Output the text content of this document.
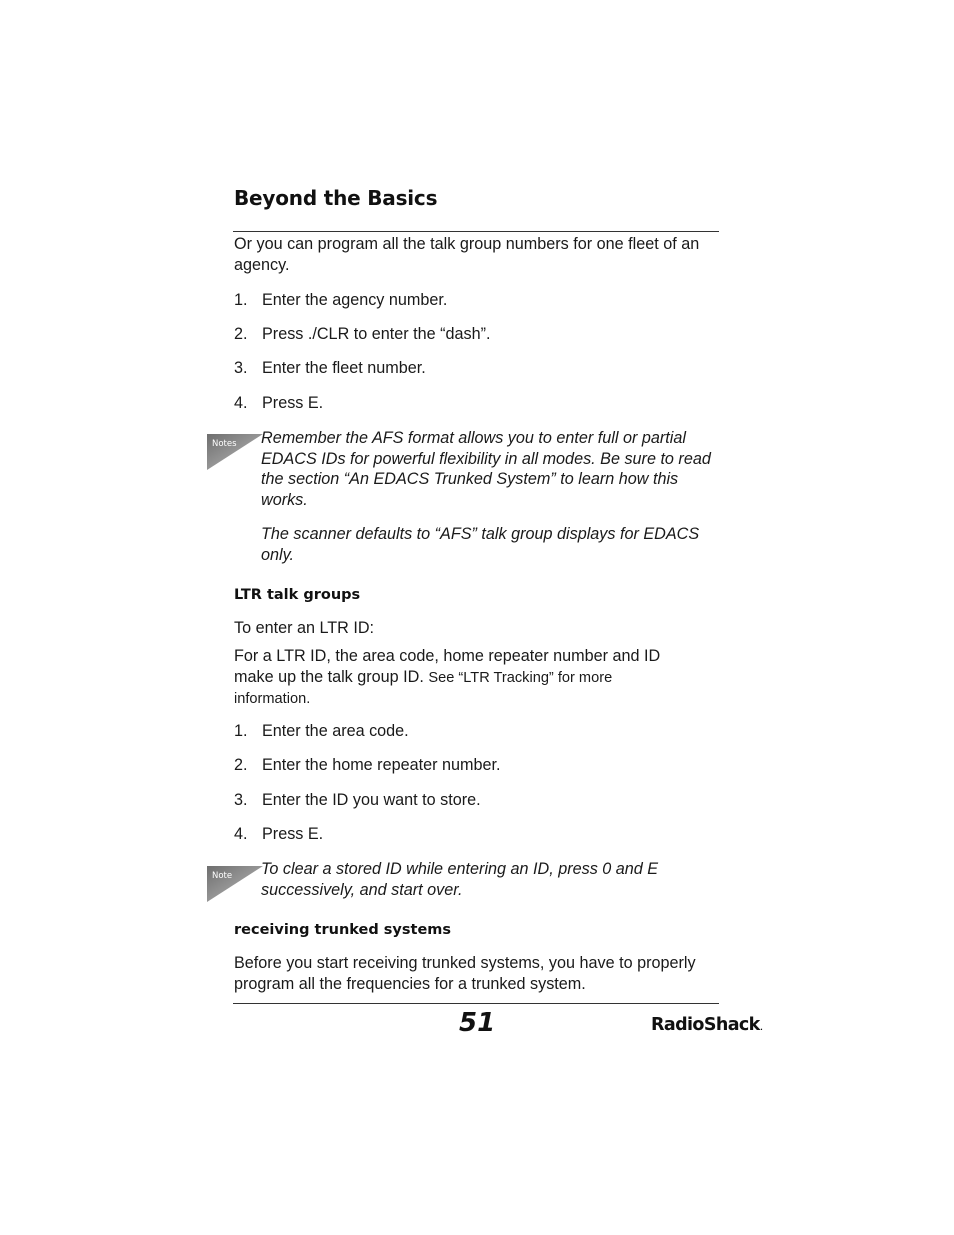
Beyond the Basics

Or you can program all the talk group numbers for one fleet of an agency.

1. Enter the agency number.

2. Press ./CLR to enter the “dash”.

3. Enter the fleet number.

4. Press E.

Notes Remember the AFS format allows you to enter full or partial EDACS IDs for powerful flexibility in all modes. Be sure to read the section “An EDACS Trunked System” to learn how this works.

The scanner defaults to “AFS” talk group displays for EDACS only.

LTR talk groups

To enter an LTR ID:

For a LTR ID, the area code, home repeater number and ID make up the talk group ID. See “LTR Tracking” for more information.

1. Enter the area code.

2. Enter the home repeater number.

3. Enter the ID you want to store.

4. Press E.

Note To clear a stored ID while entering an ID, press 0 and E successively, and start over.

receiving trunked systems

Before you start receiving trunked systems, you have to properly program all the frequencies for a trunked system.

51	RadioShack.
